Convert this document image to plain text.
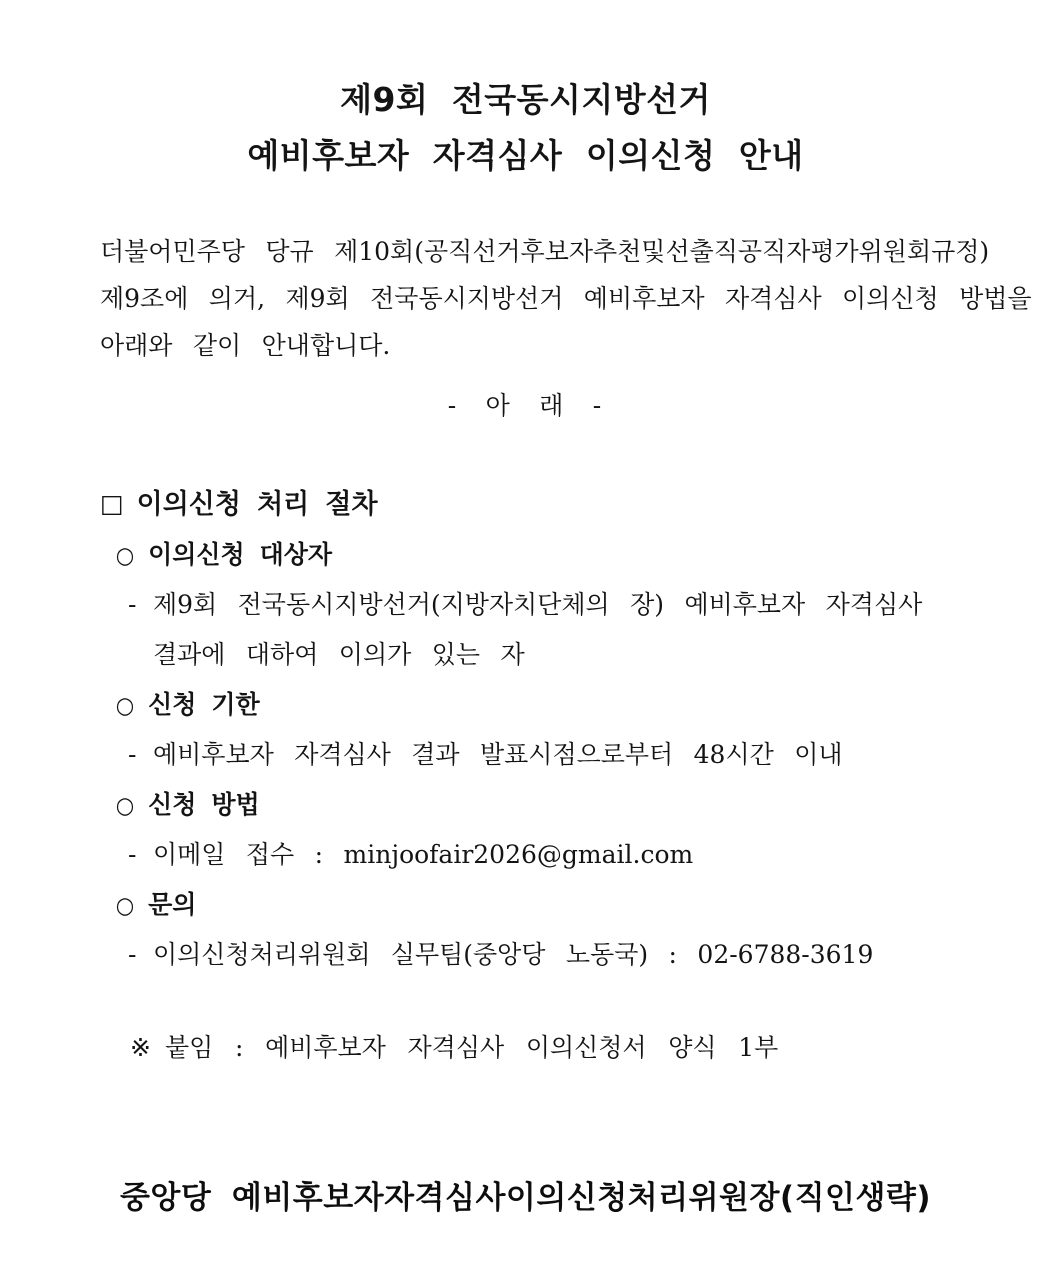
제9회 전국동시지방선거
예비후보자 자격심사 이의신청 안내
더불어민주당 당규 제10회(공직선거후보자추천및선출직공직자평가위원회규정)
제9조에 의거, 제9회 전국동시지방선거 예비후보자 자격심사 이의신청 방법을
아래와 같이 안내합니다.
- 아 래 -
□ 이의신청 처리 절차
○ 이의신청 대상자
- 제9회 전국동시지방선거(지방자치단체의 장) 예비후보자 자격심사
결과에 대하여 이의가 있는 자
○ 신청 기한
- 예비후보자 자격심사 결과 발표시점으로부터 48시간 이내
○ 신청 방법
- 이메일 접수 : minjoofair2026@gmail.com
○ 문의
- 이의신청처리위원회 실무팀(중앙당 노동국) : 02-6788-3619
※ 붙임 : 예비후보자 자격심사 이의신청서 양식 1부
중앙당 예비후보자자격심사이의신청처리위원장(직인생략)
